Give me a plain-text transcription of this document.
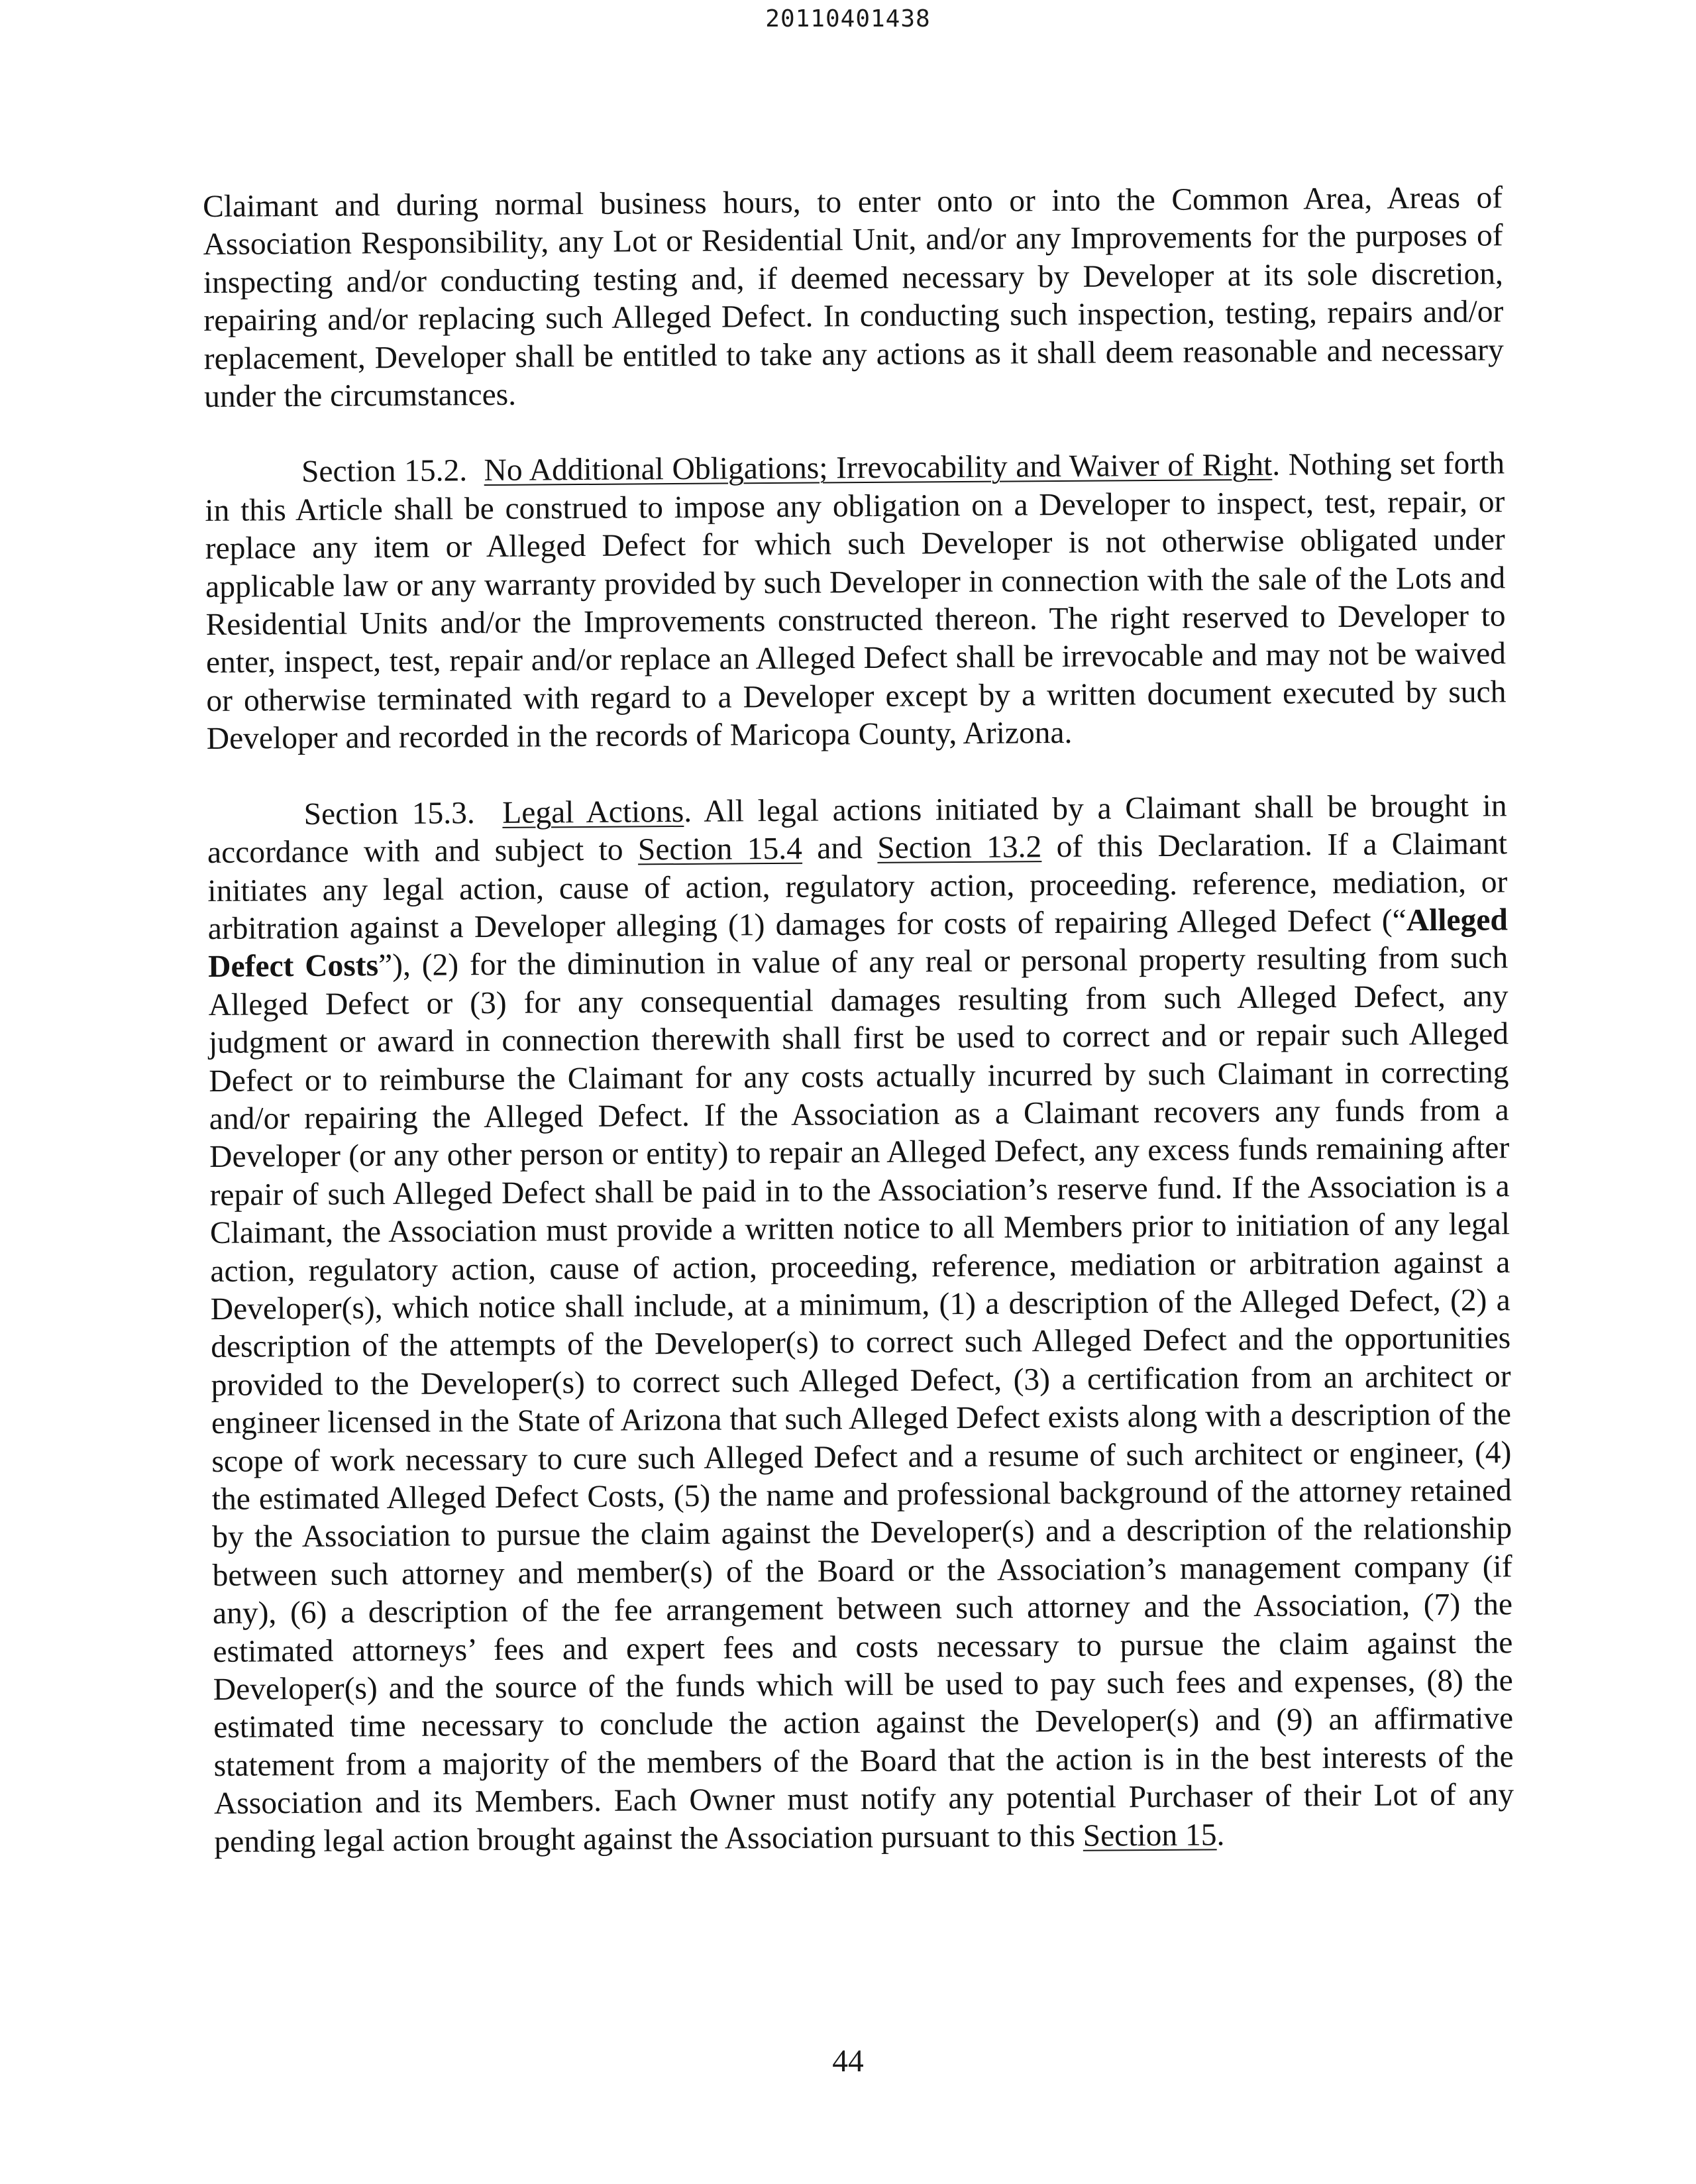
20110401438

Claimant and during normal business hours, to enter onto or into the Common Area, Areas of Association Responsibility, any Lot or Residential Unit, and/or any Improvements for the purposes of inspecting and/or conducting testing and, if deemed necessary by Developer at its sole discretion, repairing and/or replacing such Alleged Defect. In conducting such inspection, testing, repairs and/or replacement, Developer shall be entitled to take any actions as it shall deem reasonable and necessary under the circumstances.

Section 15.2. No Additional Obligations; Irrevocability and Waiver of Right. Nothing set forth in this Article shall be construed to impose any obligation on a Developer to inspect, test, repair, or replace any item or Alleged Defect for which such Developer is not otherwise obligated under applicable law or any warranty provided by such Developer in connection with the sale of the Lots and Residential Units and/or the Improvements constructed thereon. The right reserved to Developer to enter, inspect, test, repair and/or replace an Alleged Defect shall be irrevocable and may not be waived or otherwise terminated with regard to a Developer except by a written document executed by such Developer and recorded in the records of Maricopa County, Arizona.

Section 15.3. Legal Actions. All legal actions initiated by a Claimant shall be brought in accordance with and subject to Section 15.4 and Section 13.2 of this Declaration. If a Claimant initiates any legal action, cause of action, regulatory action, proceeding. reference, mediation, or arbitration against a Developer alleging (1) damages for costs of repairing Alleged Defect (“Alleged Defect Costs”), (2) for the diminution in value of any real or personal property resulting from such Alleged Defect or (3) for any consequential damages resulting from such Alleged Defect, any judgment or award in connection therewith shall first be used to correct and or repair such Alleged Defect or to reimburse the Claimant for any costs actually incurred by such Claimant in correcting and/or repairing the Alleged Defect. If the Association as a Claimant recovers any funds from a Developer (or any other person or entity) to repair an Alleged Defect, any excess funds remaining after repair of such Alleged Defect shall be paid in to the Association’s reserve fund. If the Association is a Claimant, the Association must provide a written notice to all Members prior to initiation of any legal action, regulatory action, cause of action, proceeding, reference, mediation or arbitration against a Developer(s), which notice shall include, at a minimum, (1) a description of the Alleged Defect, (2) a description of the attempts of the Developer(s) to correct such Alleged Defect and the opportunities provided to the Developer(s) to correct such Alleged Defect, (3) a certification from an architect or engineer licensed in the State of Arizona that such Alleged Defect exists along with a description of the scope of work necessary to cure such Alleged Defect and a resume of such architect or engineer, (4) the estimated Alleged Defect Costs, (5) the name and professional background of the attorney retained by the Association to pursue the claim against the Developer(s) and a description of the relationship between such attorney and member(s) of the Board or the Association’s management company (if any), (6) a description of the fee arrangement between such attorney and the Association, (7) the estimated attorneys’ fees and expert fees and costs necessary to pursue the claim against the Developer(s) and the source of the funds which will be used to pay such fees and expenses, (8) the estimated time necessary to conclude the action against the Developer(s) and (9) an affirmative statement from a majority of the members of the Board that the action is in the best interests of the Association and its Members. Each Owner must notify any potential Purchaser of their Lot of any pending legal action brought against the Association pursuant to this Section 15.

44
